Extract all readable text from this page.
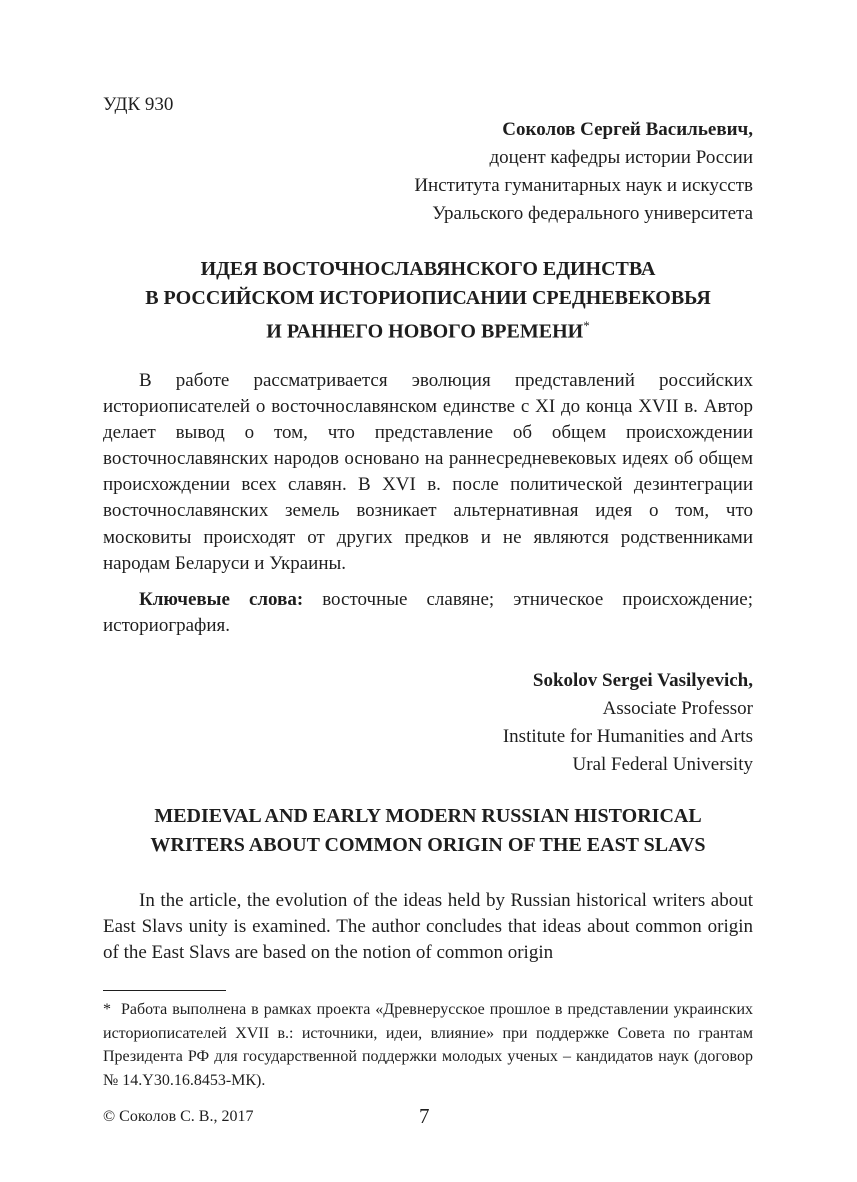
УДК 930
Соколов Сергей Васильевич,
доцент кафедры истории России
Института гуманитарных наук и искусств
Уральского федерального университета
ИДЕЯ ВОСТОЧНОСЛАВЯНСКОГО ЕДИНСТВА
В РОССИЙСКОМ ИСТОРИОПИСАНИИ СРЕДНЕВЕКОВЬЯ
И РАННЕГО НОВОГО ВРЕМЕНИ*
В работе рассматривается эволюция представлений российских историописателей о восточнославянском единстве с XI до конца XVII в. Автор делает вывод о том, что представление об общем происхождении восточнославянских народов основано на раннесредневековых идеях об общем происхождении всех славян. В XVI в. после политической дезинтеграции восточнославянских земель возникает альтернативная идея о том, что московиты происходят от других предков и не являются родственниками народам Беларуси и Украины.
Ключевые слова: восточные славяне; этническое происхождение; историография.
Sokolov Sergei Vasilyevich,
Associate Professor
Institute for Humanities and Arts
Ural Federal University
MEDIEVAL AND EARLY MODERN RUSSIAN HISTORICAL
WRITERS ABOUT COMMON ORIGIN OF THE EAST SLAVS
In the article, the evolution of the ideas held by Russian historical writers about East Slavs unity is examined. The author concludes that ideas about common origin of the East Slavs are based on the notion of common origin
* Работа выполнена в рамках проекта «Древнерусское прошлое в представлении украинских историописателей XVII в.: источники, идеи, влияние» при поддержке Совета по грантам Президента РФ для государственной поддержки молодых ученых – кандидатов наук (договор № 14.Y30.16.8453-МК).
© Соколов С. В., 2017	7
